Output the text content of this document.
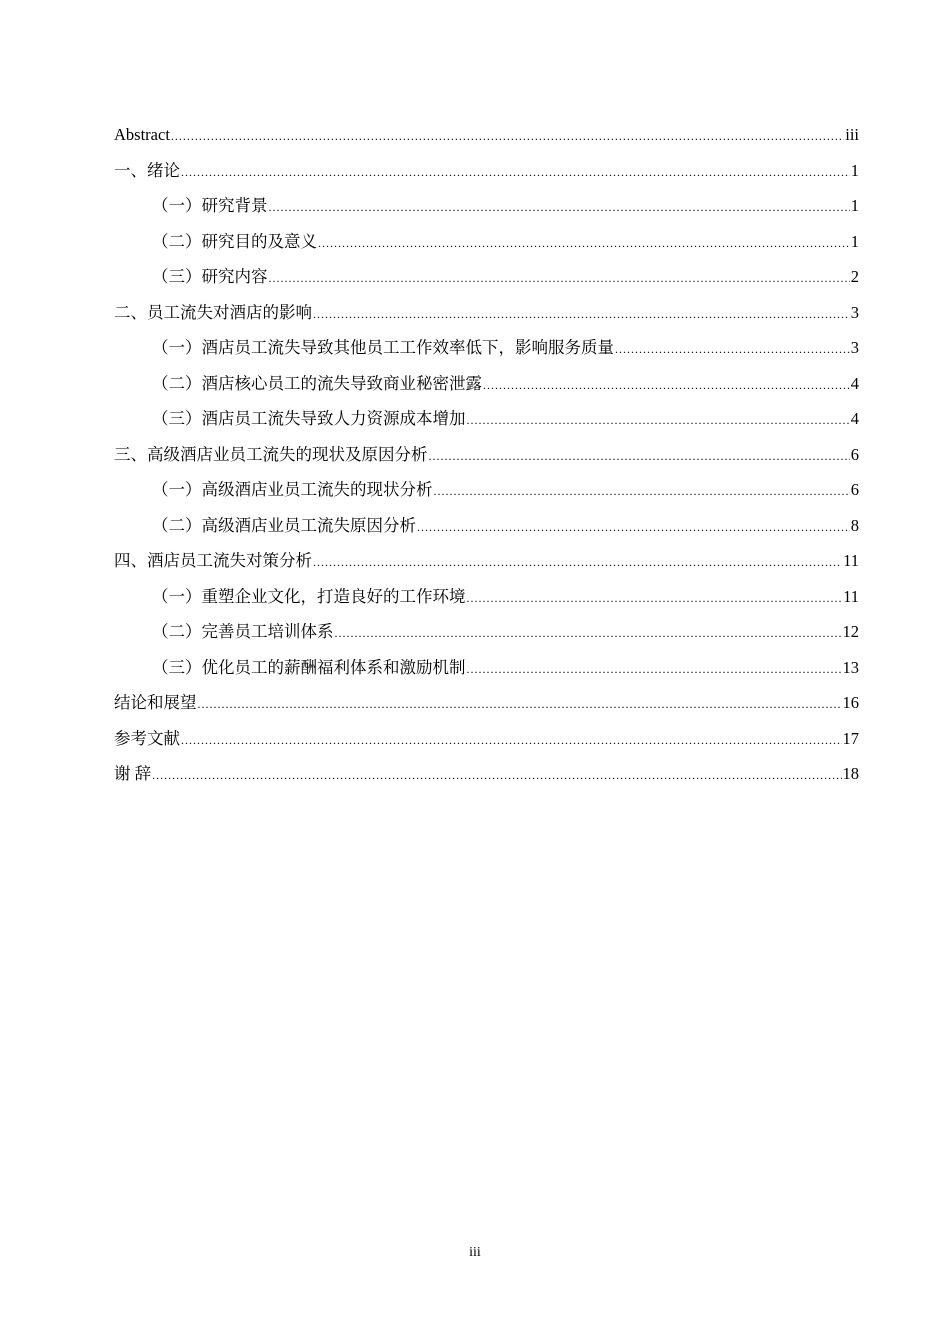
Abstract .....	iii
一、绪论 .....	1
（一）研究背景 .....	1
（二）研究目的及意义 .....	1
（三）研究内容 .....	2
二、员工流失对酒店的影响 .....	3
（一）酒店员工流失导致其他员工工作效率低下，影响服务质量 .....	3
（二）酒店核心员工的流失导致商业秘密泄露 .....	4
（三）酒店员工流失导致人力资源成本增加 .....	4
三、高级酒店业员工流失的现状及原因分析 .....	6
（一）高级酒店业员工流失的现状分析 .....	6
（二）高级酒店业员工流失原因分析 .....	8
四、酒店员工流失对策分析 .....	11
（一）重塑企业文化，打造良好的工作环境 .....	11
（二）完善员工培训体系 .....	12
（三）优化员工的薪酬福利体系和激励机制 .....	13
结论和展望 .....	16
参考文献 .....	17
谢 辞 .....	18
iii
